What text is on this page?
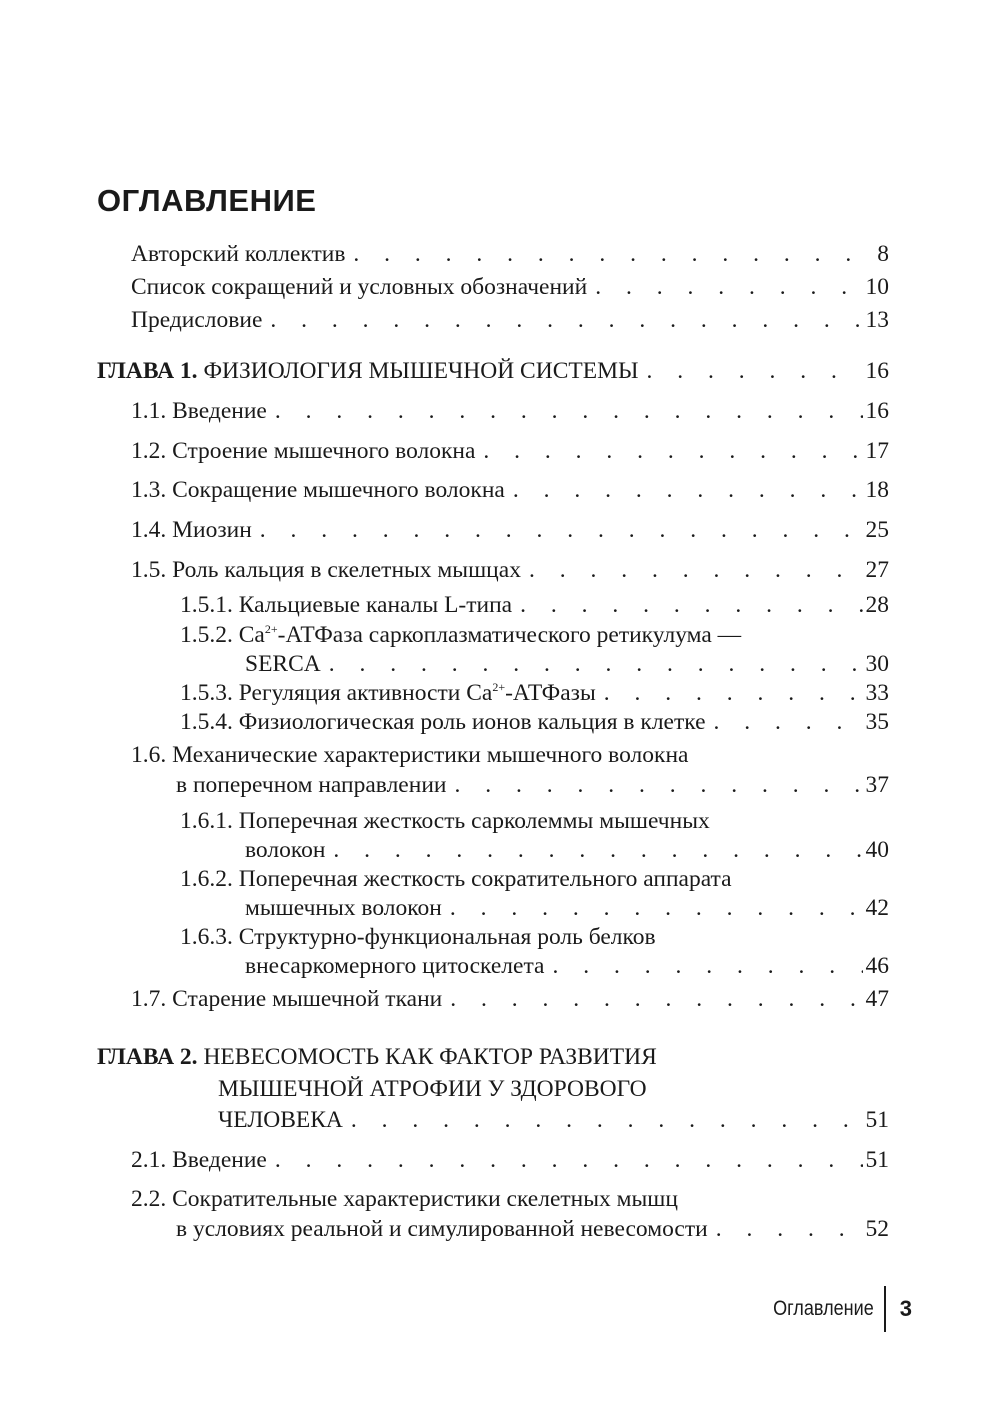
ОГЛАВЛЕНИЕ
Авторский коллектив . . .	8
Список сокращений и условных обозначений . . .	10
Предисловие . . .	13
ГЛАВА 1. ФИЗИОЛОГИЯ МЫШЕЧНОЙ СИСТЕМЫ . . .	16
1.1. Введение . . .	16
1.2. Строение мышечного волокна . . .	17
1.3. Сокращение мышечного волокна . . .	18
1.4. Миозин . . .	25
1.5. Роль кальция в скелетных мышцах . . .	27
1.5.1. Кальциевые каналы L-типа . . .	28
1.5.2. $Ca^{2+}$-АТФаза саркоплазматического ретикулума —
SERCA . . .	30
1.5.3. Регуляция активности $Ca^{2+}$-АТФазы . . .	33
1.5.4. Физиологическая роль ионов кальция в клетке . . .	35
1.6. Механические характеристики мышечного волокна
в поперечном направлении . . .	37
1.6.1. Поперечная жесткость сарколеммы мышечных
волокон . . .	40
1.6.2. Поперечная жесткость сократительного аппарата
мышечных волокон . . .	42
1.6.3. Структурно-функциональная роль белков
внесаркомерного цитоскелета . . .	46
1.7. Старение мышечной ткани . . .	47
ГЛАВА 2. НЕВЕСОМОСТЬ КАК ФАКТОР РАЗВИТИЯ
МЫШЕЧНОЙ АТРОФИИ У ЗДОРОВОГО
ЧЕЛОВЕКА . . .	51
2.1. Введение . . .	51
2.2. Сократительные характеристики скелетных мышц
в условиях реальной и симулированной невесомости . . .	52
Оглавление	3
